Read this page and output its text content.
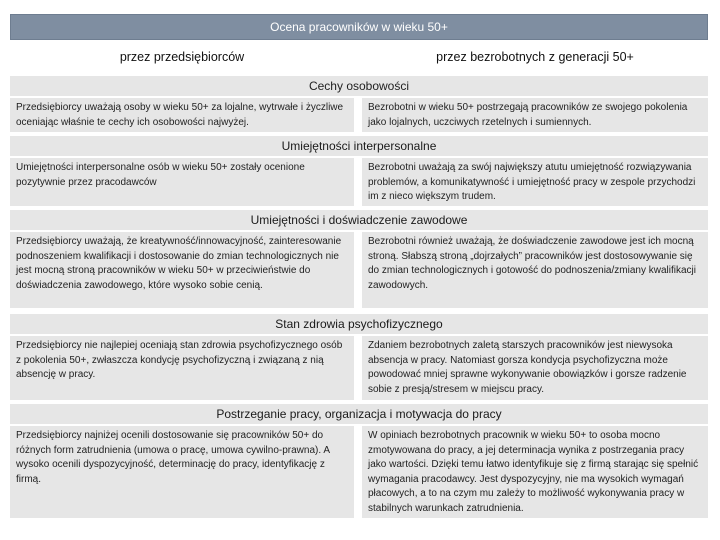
Ocena pracowników w wieku 50+
przez przedsiębiorców	przez bezrobotnych z generacji 50+
Cechy osobowości
Przedsiębiorcy uważają osoby w wieku 50+ za lojalne, wytrwałe i życzliwe oceniając właśnie te cechy ich osobowości najwyżej.
Bezrobotni w wieku 50+ postrzegają pracowników ze swojego pokolenia jako lojalnych, uczciwych rzetelnych i sumiennych.
Umiejętności interpersonalne
Umiejętności interpersonalne osób w wieku 50+ zostały ocenione pozytywnie przez pracodawców
Bezrobotni uważają za swój największy atutu umiejętność rozwiązywania problemów, a komunikatywność i umiejętność pracy w zespole przychodzi im z nieco większym trudem.
Umiejętności i doświadczenie zawodowe
Przedsiębiorcy uważają, że kreatywność/innowacyjność, zainteresowanie podnoszeniem kwalifikacji i dostosowanie do zmian technologicznych nie jest mocną stroną pracowników w wieku 50+ w przeciwieństwie do doświadczenia zawodowego, które wysoko sobie cenią.
Bezrobotni również uważają, że doświadczenie zawodowe jest ich mocną stroną. Słabszą stroną „dojrzałych” pracowników jest dostosowywanie się do zmian technologicznych i gotowość do podnoszenia/zmiany kwalifikacji zawodowych.
Stan zdrowia psychofizycznego
Przedsiębiorcy nie najlepiej oceniają stan zdrowia psychofizycznego osób z pokolenia 50+, zwłaszcza kondycję psychofizyczną i związaną z nią absencję w pracy.
Zdaniem bezrobotnych zaletą starszych pracowników jest niewysoka absencja w pracy. Natomiast gorsza kondycja psychofizyczna może powodować mniej sprawne wykonywanie obowiązków i gorsze radzenie sobie z presją/stresem w miejscu pracy.
Postrzeganie pracy, organizacja i motywacja do pracy
Przedsiębiorcy najniżej ocenili dostosowanie się pracowników 50+ do różnych form zatrudnienia (umowa o pracę, umowa cywilno-prawna). A wysoko ocenili dyspozycyjność, determinację do pracy, identyfikację z firmą.
W opiniach bezrobotnych pracownik w wieku 50+ to osoba mocno zmotywowana do pracy, a jej determinacja wynika z postrzegania pracy jako wartości. Dzięki temu łatwo identyfikuje się z firmą starając się spełnić wymagania pracodawcy. Jest dyspozycyjny, nie ma wysokich wymagań płacowych, a to na czym mu zależy to możliwość wykonywania pracy w stabilnych warunkach zatrudnienia.
